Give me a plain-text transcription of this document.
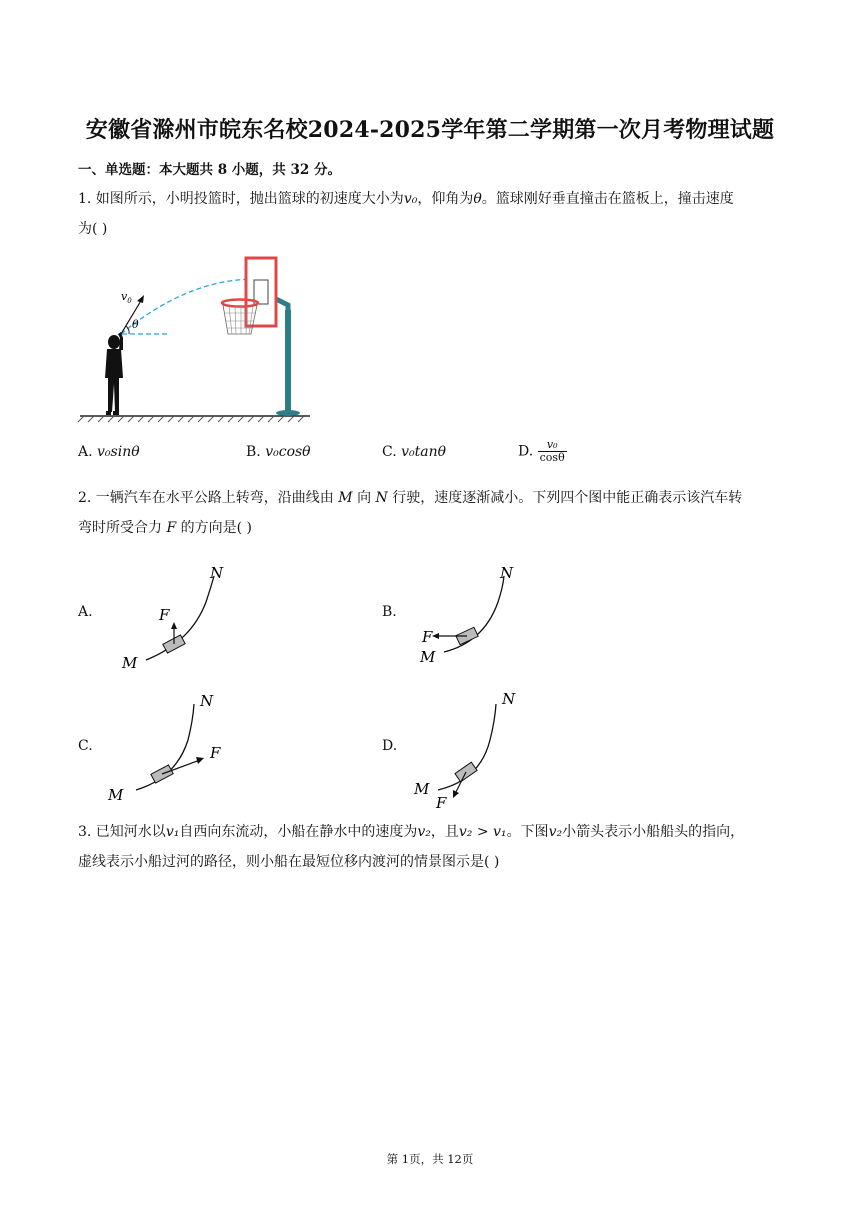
安徽省滁州市皖东名校2024-2025学年第二学期第一次月考物理试题
一、单选题：本大题共 8 小题，共 32 分。
1. 如图所示，小明投篮时，抛出篮球的初速度大小为v₀，仰角为θ。篮球刚好垂直撞击在篮板上，撞击速度
为( )
$v_0$
θ
A. v₀sinθ	B. v₀cosθ	C. v₀tanθ	D. $\frac{\text{v₀}}{\cos\theta}$
2. 一辆汽车在水平公路上转弯，沿曲线由 M 向 N 行驶，速度逐渐减小。下列四个图中能正确表示该汽车转
弯时所受合力 F 的方向是( )
A.	B.
C.	D.
F
M
N
F
M
N
F
M
N
F
M
N
3. 已知河水以v₁自西向东流动，小船在静水中的速度为v₂，且v₂ > v₁。下图v₂小箭头表示小船船头的指向，
虚线表示小船过河的路径，则小船在最短位移内渡河的情景图示是( )
第 1页，共 12页
